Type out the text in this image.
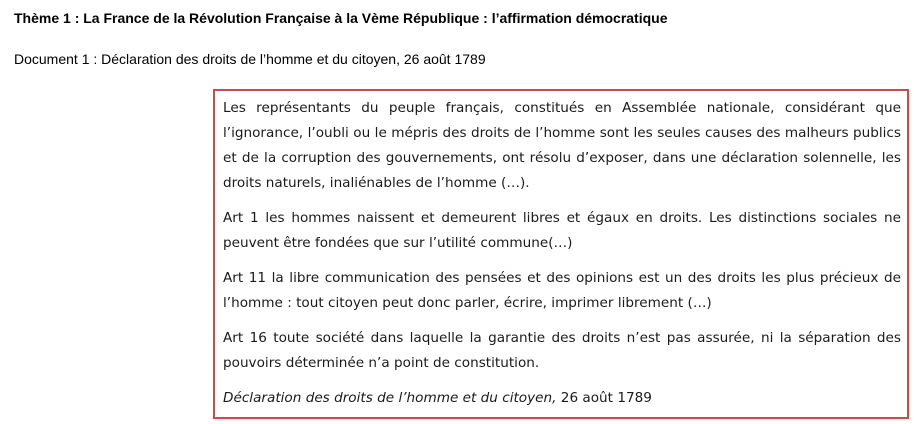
Thème 1 : La France de la Révolution Française à la Vème République : l’affirmation démocratique
Document 1 : Déclaration des droits de l’homme et du citoyen, 26 août 1789

Les représentants du peuple français, constitués en Assemblée nationale, considérant que l’ignorance, l’oubli ou le mépris des droits de l’homme sont les seules causes des malheurs publics et de la corruption des gouvernements, ont résolu d’exposer, dans une déclaration solennelle, les droits naturels, inaliénables de l’homme (…).

Art 1 les hommes naissent et demeurent libres et égaux en droits. Les distinctions sociales ne peuvent être fondées que sur l’utilité commune(…)

Art 11 la libre communication des pensées et des opinions est un des droits les plus précieux de l’homme : tout citoyen peut donc parler, écrire, imprimer librement (…)

Art 16 toute société dans laquelle la garantie des droits n’est pas assurée, ni la séparation des pouvoirs déterminée n’a point de constitution.

Déclaration des droits de l’homme et du citoyen, 26 août 1789
